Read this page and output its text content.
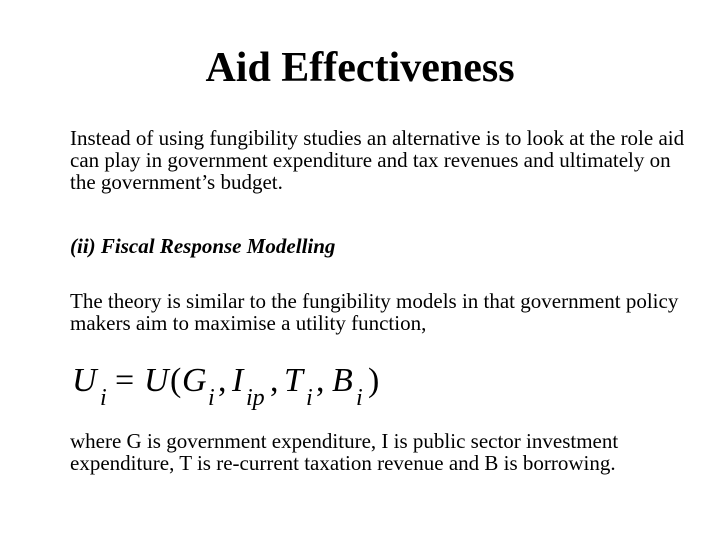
Aid Effectiveness
Instead of using fungibility studies an alternative is to look at the role aid can play in government expenditure and tax revenues and ultimately on the government’s budget.
(ii) Fiscal Response Modelling
The theory is similar to the fungibility models in that government policy makers aim to maximise a utility function,
U i = U ( G i , I ip , T i , B i )
where G is government expenditure, I is public sector investment expenditure, T is re-current taxation revenue and B is borrowing.
